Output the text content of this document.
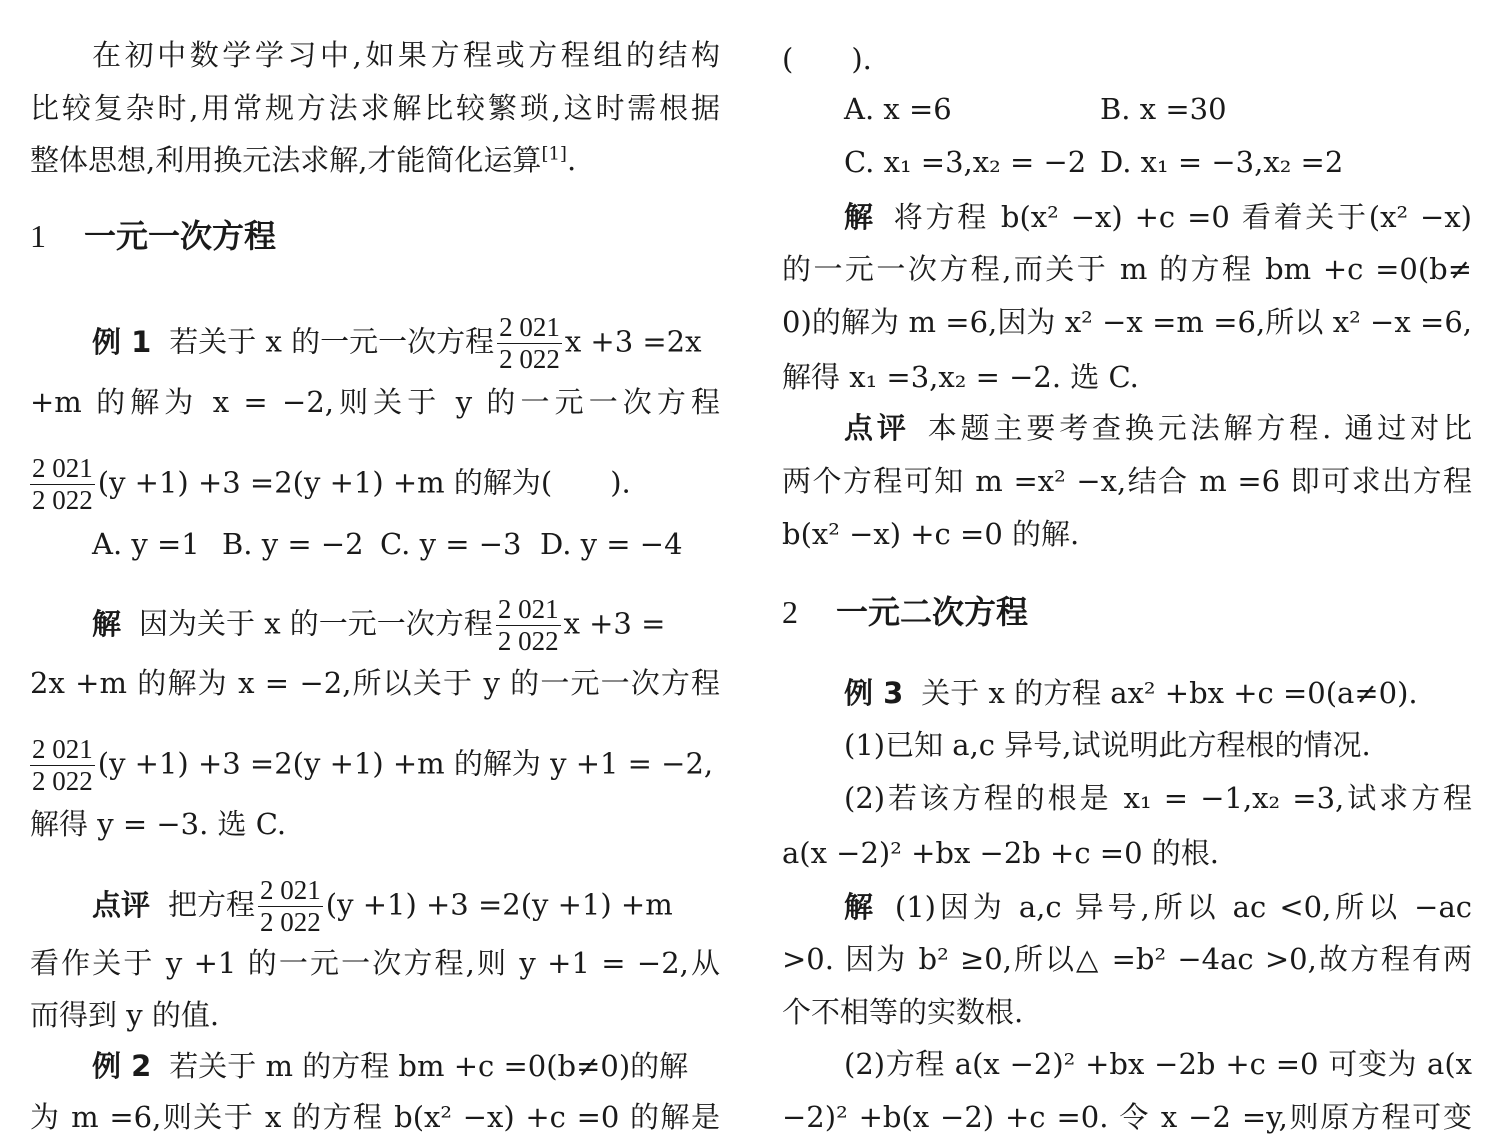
在初中数学学习中,如果方程或方程组的结构
比较复杂时,用常规方法求解比较繁琐,这时需根据
整体思想,利用换元法求解,才能简化运算[1].
1 一元一次方程
例 1 若关于 x 的一元一次方程 $\frac{2 021}{2 022}$ x +3 =2x
+m 的解为 x = −2,则关于 y 的一元一次方程
$\frac{2 021}{2 022} (y +1) +3 =2(y +1) +m$ 的解为(　　).
A. y =1 B. y = −2 C. y = −3 D. y = −4
解 因为关于 x 的一元一次方程 $\frac{2 021}{2 022}$ x +3 =
2x +m 的解为 x = −2,所以关于 y 的一元一次方程
$\frac{2 021}{2 022} (y +1) +3 =2(y +1) +m$ 的解为 y +1 = −2,
解得 y = −3. 选 C.
点评 把方程 $\frac{2 021}{2 022} (y +1) +3 =2(y +1) +m$
看作关于 y +1 的一元一次方程,则 y +1 = −2,从
而得到 y 的值.
例 2 若关于 m 的方程 bm +c =0(b≠0)的解
为 m =6,则关于 x 的方程 b(x² −x) +c =0 的解是
(　　).
A. x =6	B. x =30
C. x₁ =3,x₂ = −2 D. x₁ = −3,x₂ =2
解 将方程 b(x² −x) +c =0 看着关于(x² −x)
的一元一次方程,而关于 m 的方程 bm +c =0(b≠
0)的解为 m =6,因为 x² −x =m =6,所以 x² −x =6,
解得 x₁ =3,x₂ = −2. 选 C.
点评 本题主要考查换元法解方程. 通过对比
两个方程可知 m =x² −x,结合 m =6 即可求出方程
b(x² −x) +c =0 的解.
2 一元二次方程
例 3 关于 x 的方程 ax² +bx +c =0(a≠0).
(1)已知 a,c 异号,试说明此方程根的情况.
(2)若该方程的根是 x₁ = −1,x₂ =3,试求方程
a(x −2)² +bx −2b +c =0 的根.
解 (1)因为 a,c 异号,所以 ac <0,所以 −ac
>0. 因为 b² ≥0,所以△ =b² −4ac >0,故方程有两
个不相等的实数根.
(2)方程 a(x −2)² +bx −2b +c =0 可变为 a(x
−2)² +b(x −2) +c =0. 令 x −2 =y,则原方程可变
